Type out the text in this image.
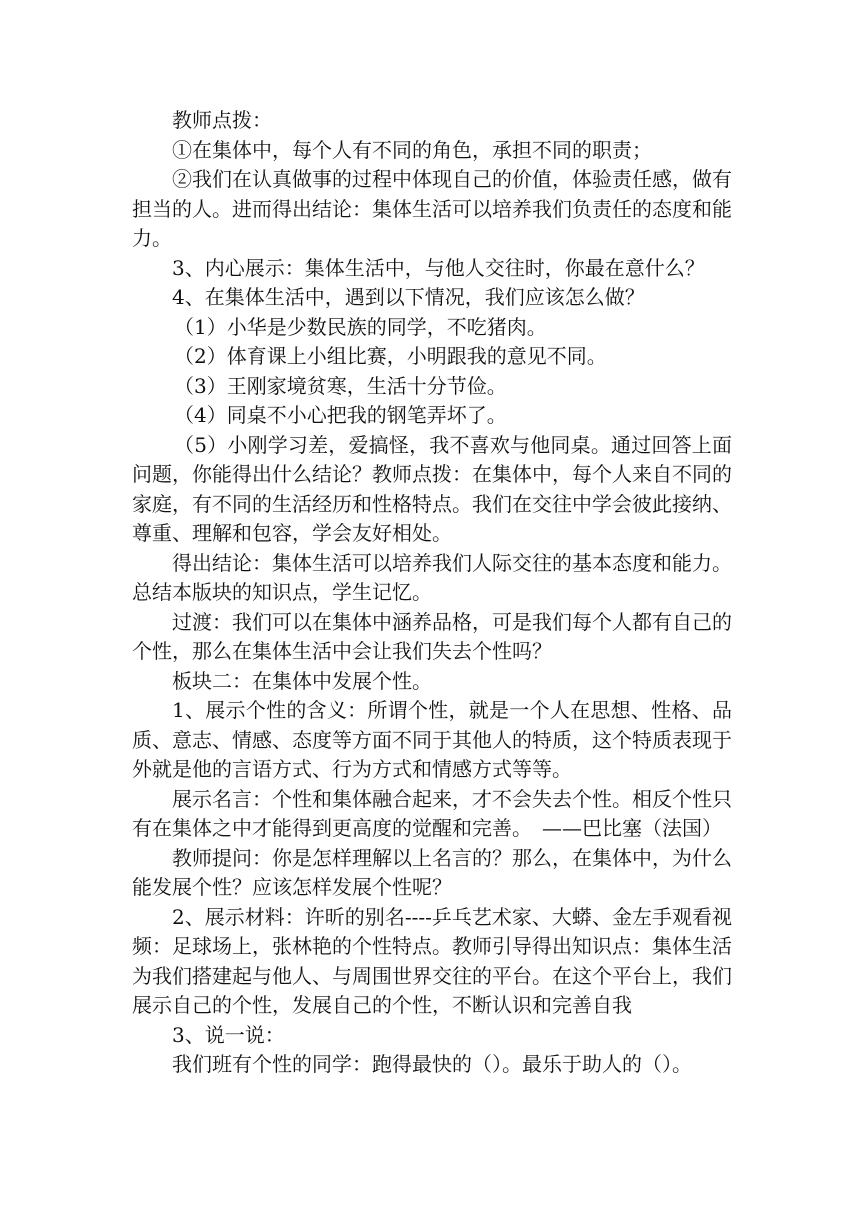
教师点拨：

①在集体中，每个人有不同的角色，承担不同的职责；

②我们在认真做事的过程中体现自己的价值，体验责任感，做有担当的人。进而得出结论：集体生活可以培养我们负责任的态度和能力。

3、内心展示：集体生活中，与他人交往时，你最在意什么？

4、在集体生活中，遇到以下情况，我们应该怎么做？

（1）小华是少数民族的同学，不吃猪肉。

（2）体育课上小组比赛，小明跟我的意见不同。

（3）王刚家境贫寒，生活十分节俭。

（4）同桌不小心把我的钢笔弄坏了。

（5）小刚学习差，爱搞怪，我不喜欢与他同桌。通过回答上面问题，你能得出什么结论？教师点拨：在集体中，每个人来自不同的家庭，有不同的生活经历和性格特点。我们在交往中学会彼此接纳、尊重、理解和包容，学会友好相处。

得出结论：集体生活可以培养我们人际交往的基本态度和能力。总结本版块的知识点，学生记忆。

过渡：我们可以在集体中涵养品格，可是我们每个人都有自己的个性，那么在集体生活中会让我们失去个性吗？

板块二：在集体中发展个性。

1、展示个性的含义：所谓个性，就是一个人在思想、性格、品质、意志、情感、态度等方面不同于其他人的特质，这个特质表现于外就是他的言语方式、行为方式和情感方式等等。

展示名言：个性和集体融合起来，才不会失去个性。相反个性只有在集体之中才能得到更高度的觉醒和完善。　——巴比塞（法国）

教师提问：你是怎样理解以上名言的？那么，在集体中，为什么能发展个性？应该怎样发展个性呢？

2、展示材料：许昕的别名----乒乓艺术家、大蟒、金左手观看视频：足球场上，张林艳的个性特点。教师引导得出知识点：集体生活为我们搭建起与他人、与周围世界交往的平台。在这个平台上，我们展示自己的个性，发展自己的个性，不断认识和完善自我

3、说一说：

我们班有个性的同学：跑得最快的（）。最乐于助人的（）。
